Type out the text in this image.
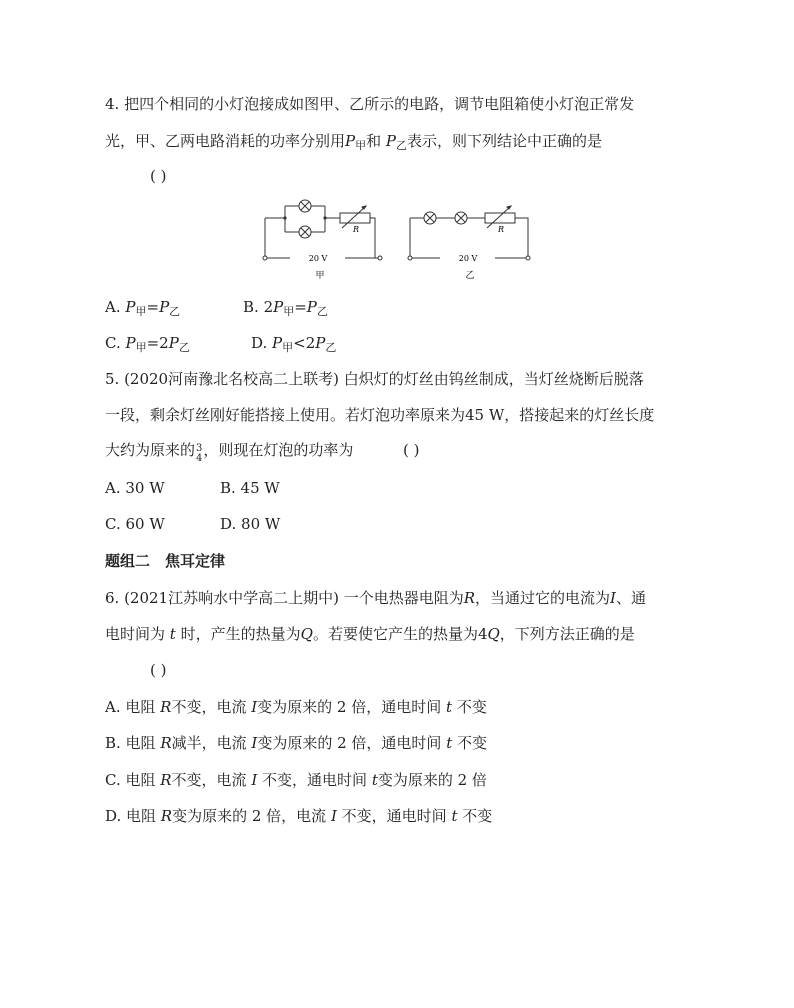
4. 把四个相同的小灯泡接成如图甲、乙所示的电路，调节电阻箱使小灯泡正常发
光，甲、乙两电路消耗的功率分别用$P_甲$和 $P_乙$表示，则下列结论中正确的是
( )
R
20 V
甲
R
20 V
乙
A. $P_甲=P_乙$	B. $2P_甲=P_乙$
C. $P_甲=2P_乙$	D. $P_甲<2P_乙$
5. (2020河南豫北名校高二上联考) 白炽灯的灯丝由钨丝制成，当灯丝烧断后脱落
一段，剩余灯丝刚好能搭接上使用。若灯泡功率原来为45 W，搭接起来的灯丝长度
大约为原来的 3
4 ，则现在灯泡的功率为	( )
A. 30 W	B. 45 W
C. 60 W	D. 80 W
题组二　焦耳定律
6. (2021江苏响水中学高二上期中) 一个电热器电阻为R，当通过它的电流为I、通
电时间为 t 时，产生的热量为Q。若要使它产生的热量为4Q，下列方法正确的是
( )
A. 电阻 R不变，电流 I变为原来的 2 倍，通电时间 t 不变
B. 电阻 R减半，电流 I变为原来的 2 倍，通电时间 t 不变
C. 电阻 R不变，电流 I 不变，通电时间 t变为原来的 2 倍
D. 电阻 R变为原来的 2 倍，电流 I 不变，通电时间 t 不变
